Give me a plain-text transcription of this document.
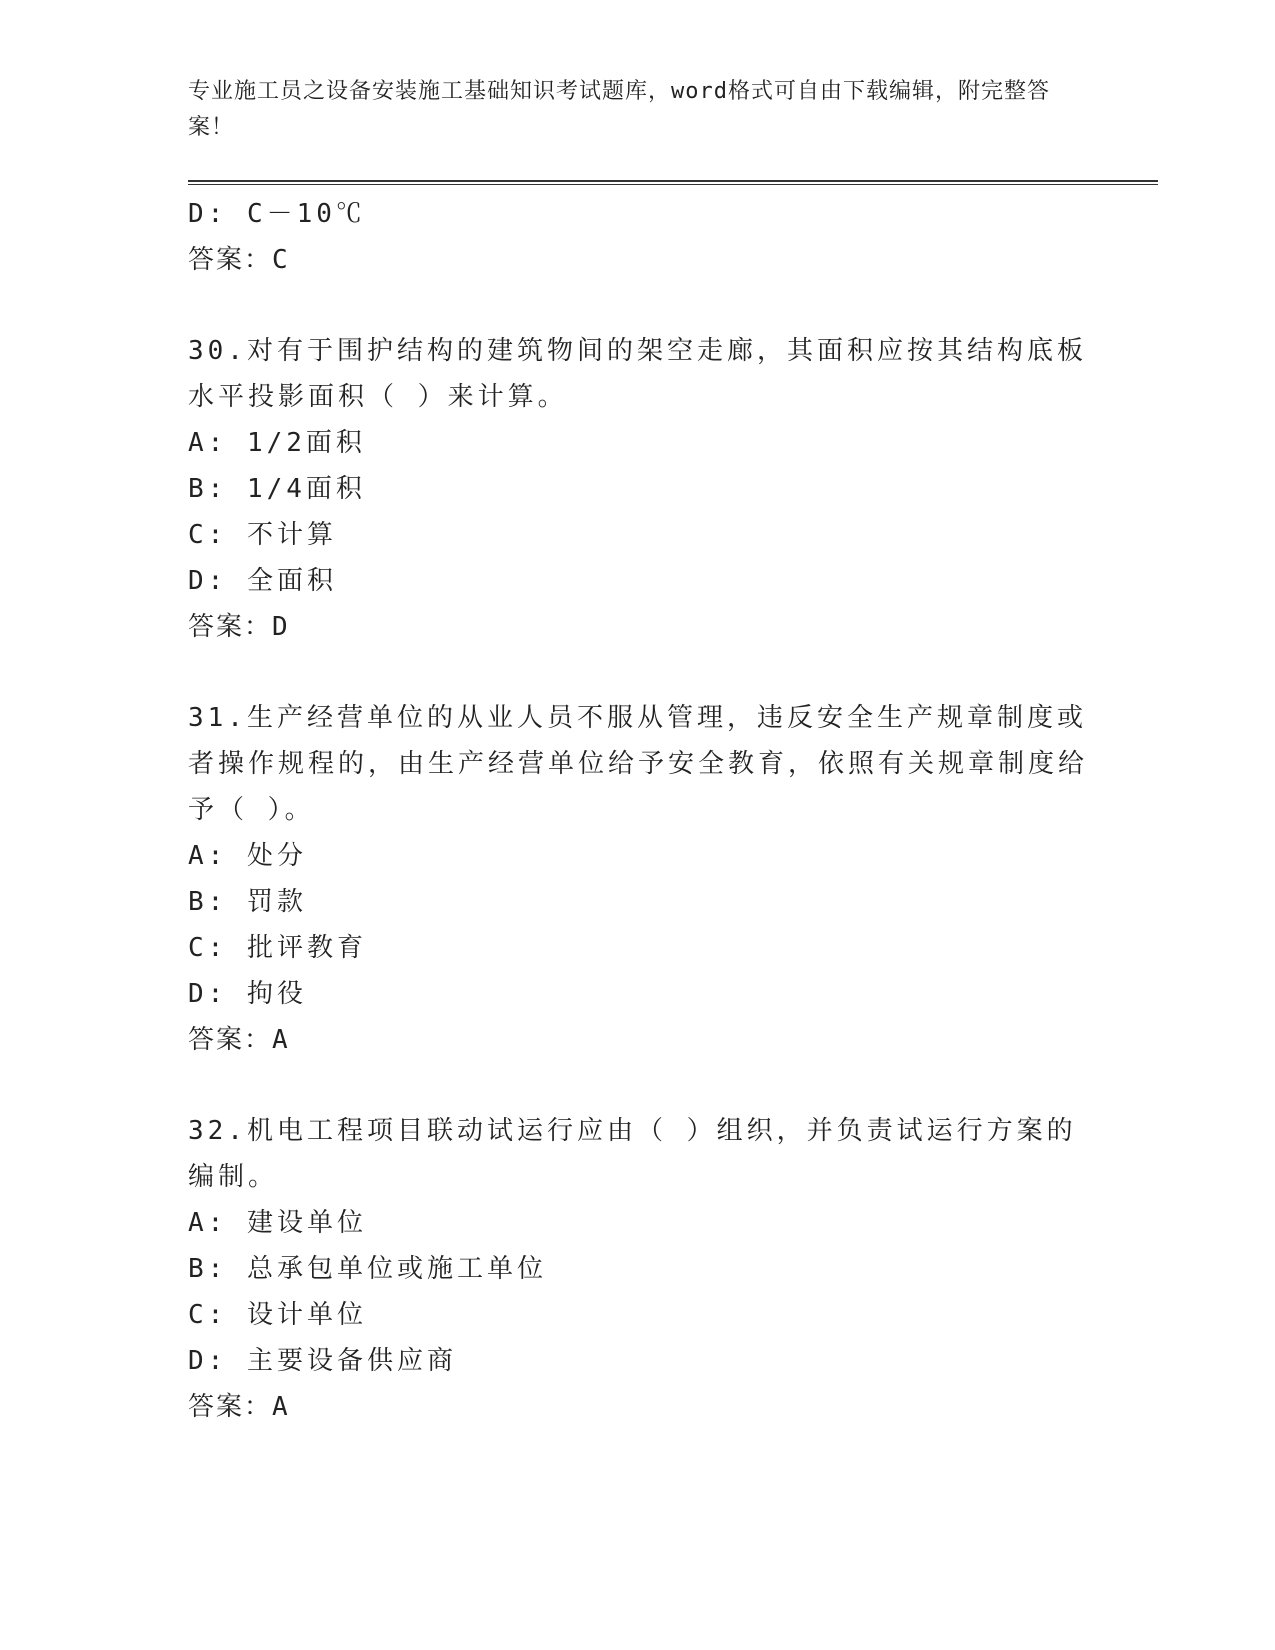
专业施工员之设备安装施工基础知识考试题库，word格式可自由下载编辑，附完整答案！
D: C－10℃
答案：C
30.对有于围护结构的建筑物间的架空走廊，其面积应按其结构底板水平投影面积（ ）来计算。
A: 1/2面积
B: 1/4面积
C: 不计算
D: 全面积
答案：D
31.生产经营单位的从业人员不服从管理，违反安全生产规章制度或者操作规程的，由生产经营单位给予安全教育，依照有关规章制度给予（ ）。
A: 处分
B: 罚款
C: 批评教育
D: 拘役
答案：A
32.机电工程项目联动试运行应由（ ）组织，并负责试运行方案的编制。
A: 建设单位
B: 总承包单位或施工单位
C: 设计单位
D: 主要设备供应商
答案：A
